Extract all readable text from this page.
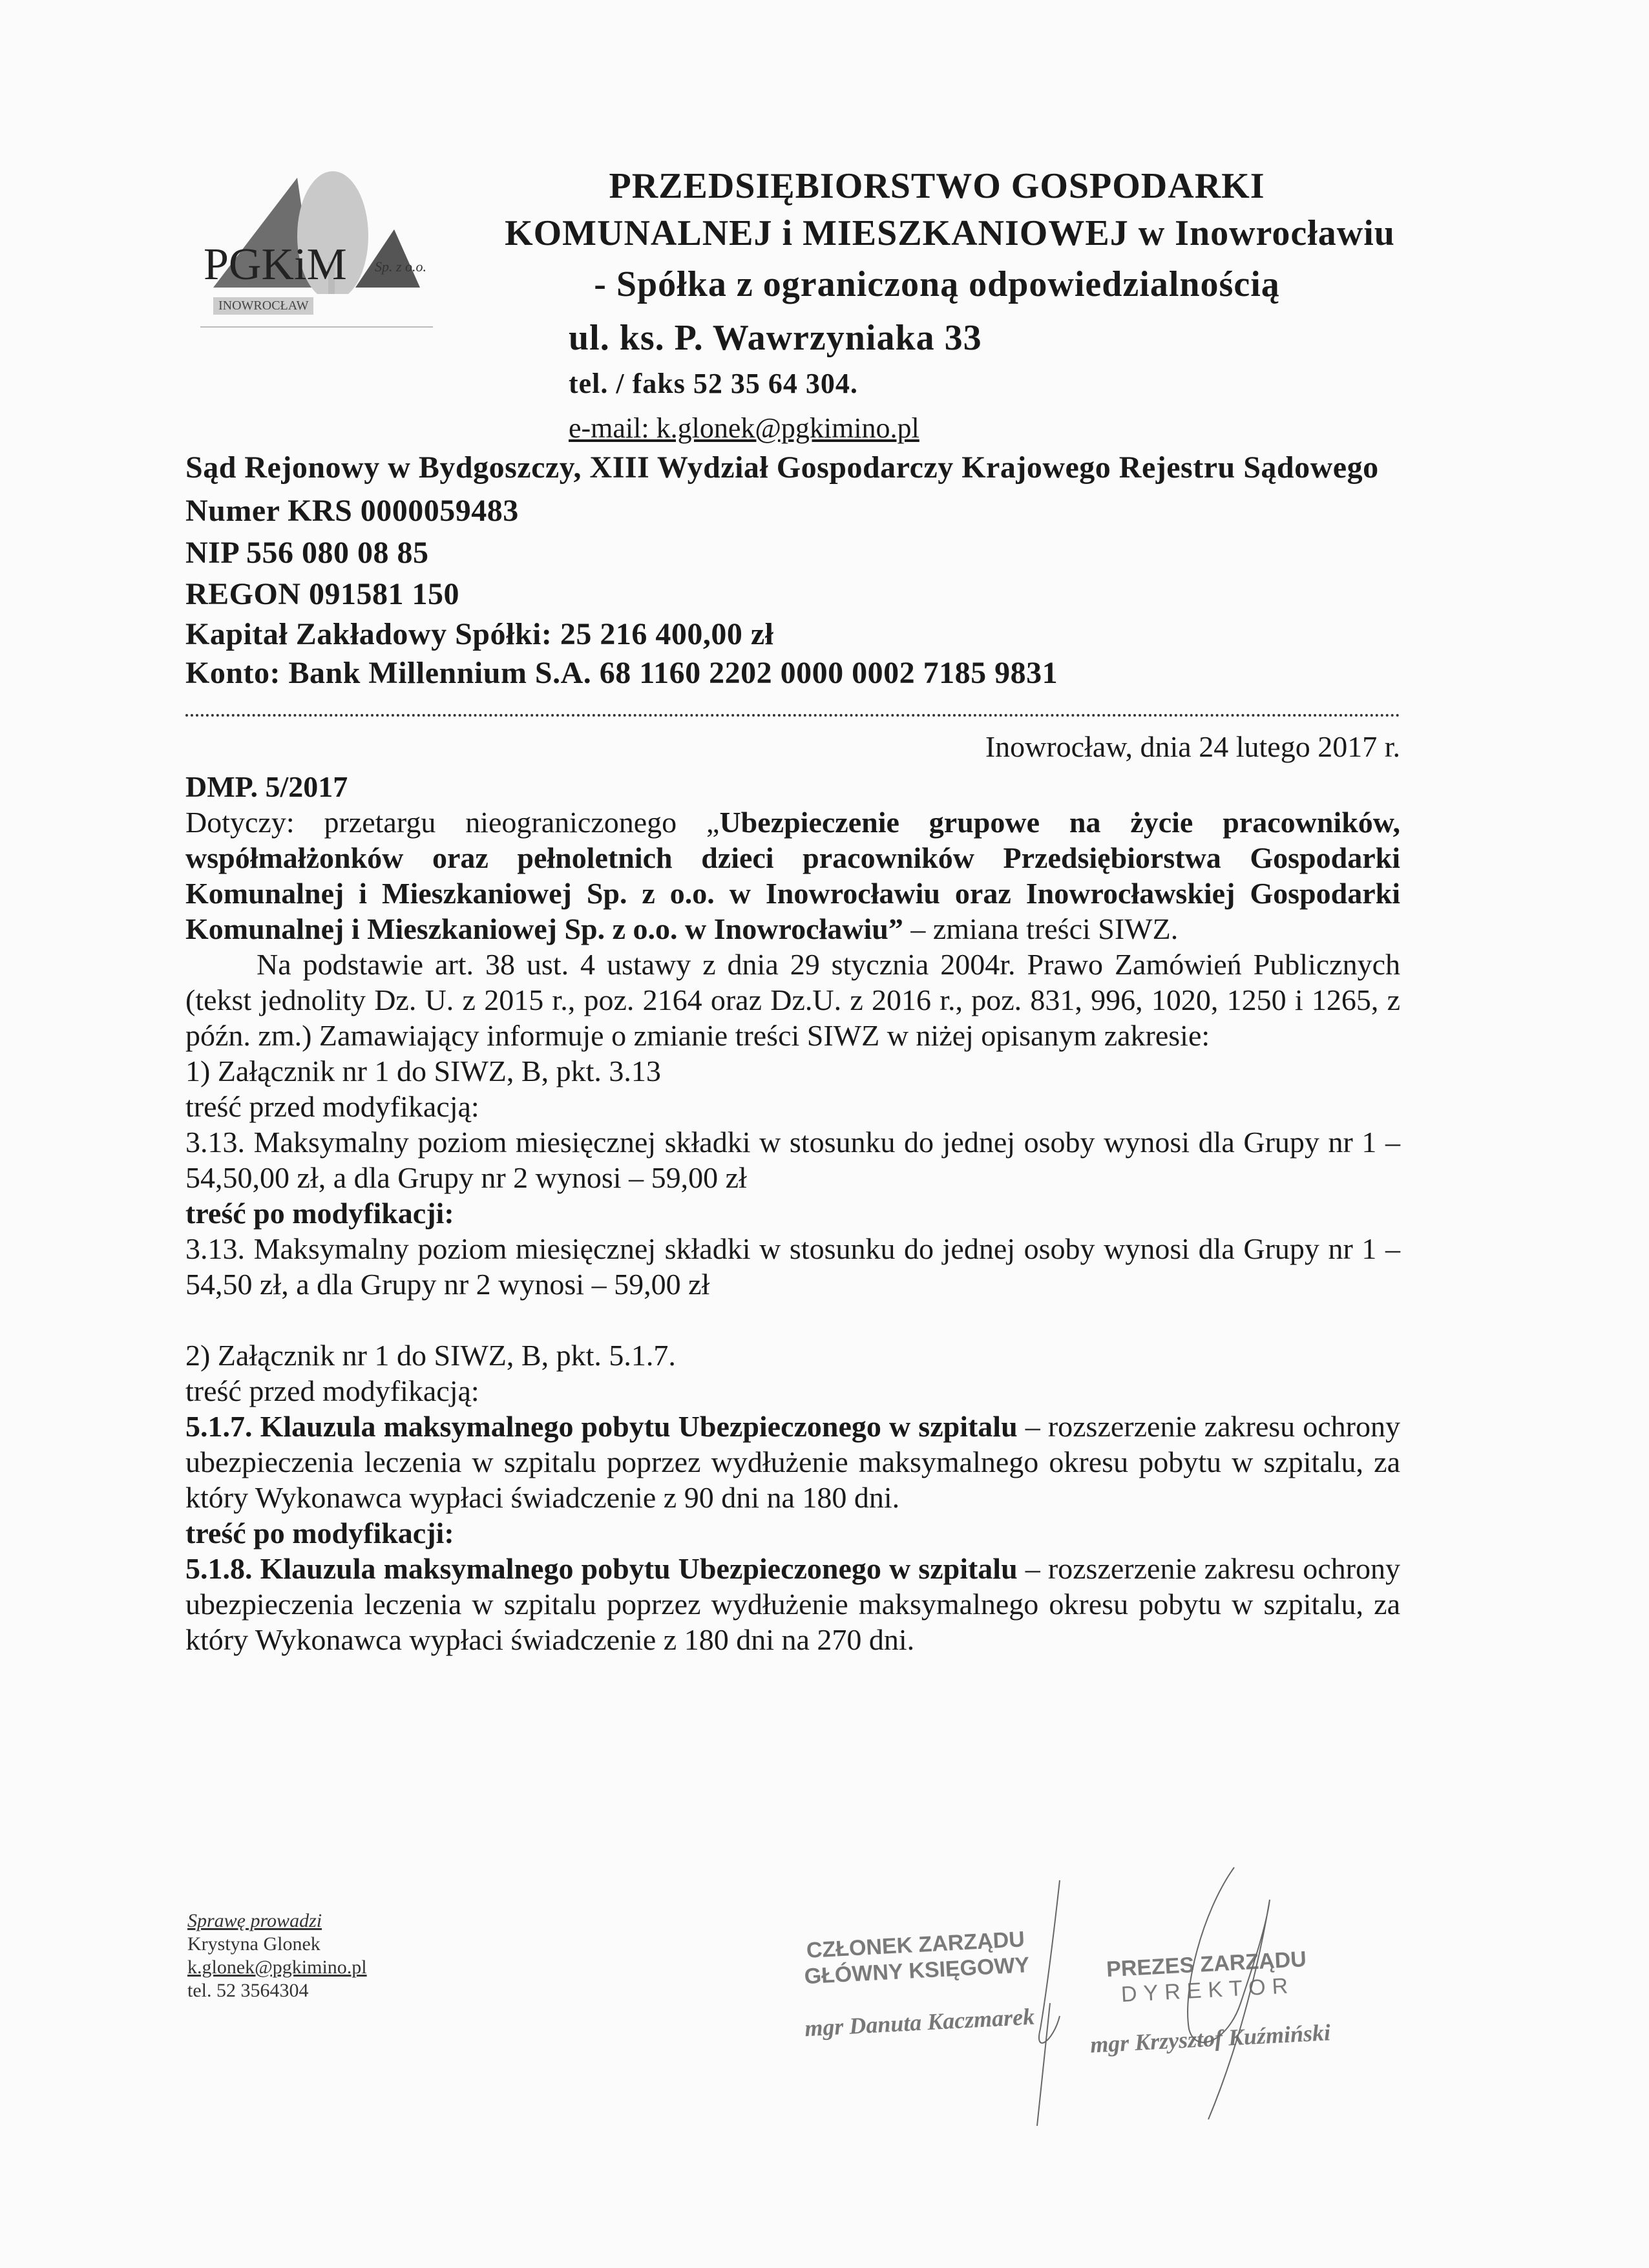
PGKiM Sp. z o.o.
INOWROCŁAW
PRZEDSIĘBIORSTWO GOSPODARKI
KOMUNALNEJ i MIESZKANIOWEJ w Inowrocławiu
- Spółka z ograniczoną odpowiedzialnością
ul. ks. P. Wawrzyniaka 33
tel. / faks 52 35 64 304.
e-mail: k.glonek@pgkimino.pl
Sąd Rejonowy w Bydgoszczy, XIII Wydział Gospodarczy Krajowego Rejestru Sądowego
Numer KRS 0000059483
NIP 556 080 08 85
REGON 091581 150
Kapitał Zakładowy Spółki: 25 216 400,00 zł
Konto: Bank Millennium S.A. 68 1160 2202 0000 0002 7185 9831
Inowrocław, dnia 24 lutego 2017 r.
DMP. 5/2017
Dotyczy: przetargu nieograniczonego „Ubezpieczenie grupowe na życie pracowników, współmałżonków oraz pełnoletnich dzieci pracowników Przedsiębiorstwa Gospodarki Komunalnej i Mieszkaniowej Sp. z o.o. w Inowrocławiu oraz Inowrocławskiej Gospodarki Komunalnej i Mieszkaniowej Sp. z o.o. w Inowrocławiu” – zmiana treści SIWZ.
Na podstawie art. 38 ust. 4 ustawy z dnia 29 stycznia 2004r. Prawo Zamówień Publicznych (tekst jednolity Dz. U. z 2015 r., poz. 2164 oraz Dz.U. z 2016 r., poz. 831, 996, 1020, 1250 i 1265, z późn. zm.) Zamawiający informuje o zmianie treści SIWZ w niżej opisanym zakresie:
1) Załącznik nr 1 do SIWZ, B, pkt. 3.13
treść przed modyfikacją:
3.13. Maksymalny poziom miesięcznej składki w stosunku do jednej osoby wynosi dla Grupy nr 1 – 54,50,00 zł, a dla Grupy nr 2 wynosi – 59,00 zł
treść po modyfikacji:
3.13. Maksymalny poziom miesięcznej składki w stosunku do jednej osoby wynosi dla Grupy nr 1 – 54,50 zł, a dla Grupy nr 2 wynosi – 59,00 zł
2) Załącznik nr 1 do SIWZ, B, pkt. 5.1.7.
treść przed modyfikacją:
5.1.7. Klauzula maksymalnego pobytu Ubezpieczonego w szpitalu – rozszerzenie zakresu ochrony ubezpieczenia leczenia w szpitalu poprzez wydłużenie maksymalnego okresu pobytu w szpitalu, za który Wykonawca wypłaci świadczenie z 90 dni na 180 dni.
treść po modyfikacji:
5.1.8. Klauzula maksymalnego pobytu Ubezpieczonego w szpitalu – rozszerzenie zakresu ochrony ubezpieczenia leczenia w szpitalu poprzez wydłużenie maksymalnego okresu pobytu w szpitalu, za który Wykonawca wypłaci świadczenie z 180 dni na 270 dni.
Sprawę prowadzi
Krystyna Glonek
k.glonek@pgkimino.pl
tel. 52 3564304
CZŁONEK ZARZĄDU
GŁÓWNY KSIĘGOWY
mgr Danuta Kaczmarek
PREZES ZARZĄDU
DYREKTOR
mgr Krzysztof Kuźmiński
